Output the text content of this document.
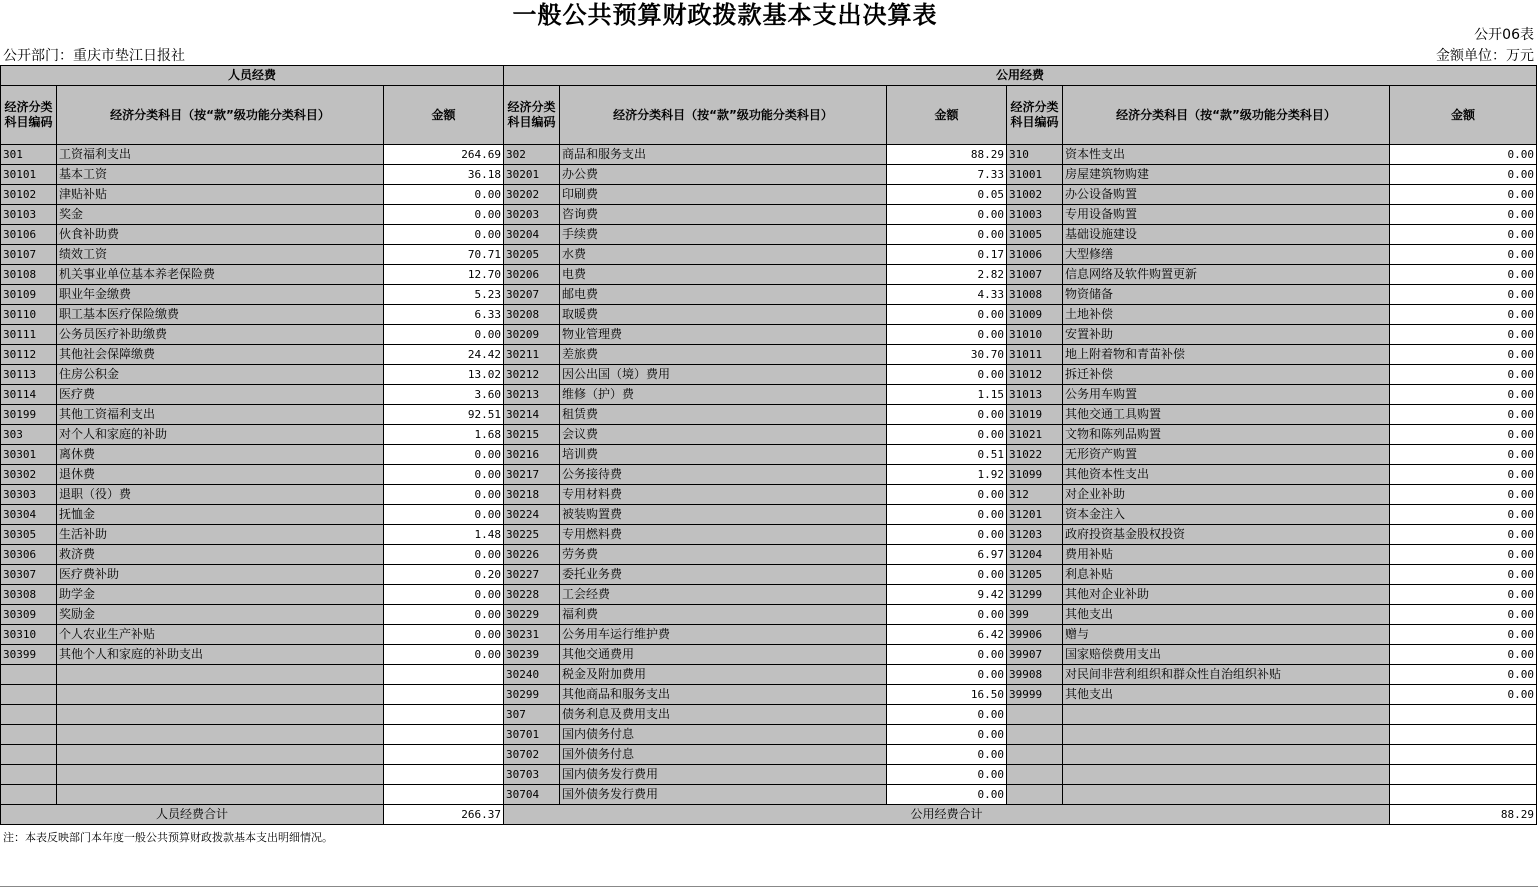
一般公共预算财政拨款基本支出决算表
公开06表
公开部门：重庆市垫江日报社	金额单位：万元
人员经费			公用经费					
经济分类科目编码	经济分类科目（按“款”级功能分类科目）	金额	经济分类科目编码	经济分类科目（按“款”级功能分类科目）	金额	经济分类科目编码	经济分类科目（按“款”级功能分类科目）	金额
301	工资福利支出	264.69	302	商品和服务支出	88.29	310	资本性支出	0.00
30101	基本工资	36.18	30201	办公费	7.33	31001	房屋建筑物购建	0.00
30102	津贴补贴	0.00	30202	印刷费	0.05	31002	办公设备购置	0.00
30103	奖金	0.00	30203	咨询费	0.00	31003	专用设备购置	0.00
30106	伙食补助费	0.00	30204	手续费	0.00	31005	基础设施建设	0.00
30107	绩效工资	70.71	30205	水费	0.17	31006	大型修缮	0.00
30108	机关事业单位基本养老保险费	12.70	30206	电费	2.82	31007	信息网络及软件购置更新	0.00
30109	职业年金缴费	5.23	30207	邮电费	4.33	31008	物资储备	0.00
30110	职工基本医疗保险缴费	6.33	30208	取暖费	0.00	31009	土地补偿	0.00
30111	公务员医疗补助缴费	0.00	30209	物业管理费	0.00	31010	安置补助	0.00
30112	其他社会保障缴费	24.42	30211	差旅费	30.70	31011	地上附着物和青苗补偿	0.00
30113	住房公积金	13.02	30212	因公出国（境）费用	0.00	31012	拆迁补偿	0.00
30114	医疗费	3.60	30213	维修（护）费	1.15	31013	公务用车购置	0.00
30199	其他工资福利支出	92.51	30214	租赁费	0.00	31019	其他交通工具购置	0.00
303	对个人和家庭的补助	1.68	30215	会议费	0.00	31021	文物和陈列品购置	0.00
30301	离休费	0.00	30216	培训费	0.51	31022	无形资产购置	0.00
30302	退休费	0.00	30217	公务接待费	1.92	31099	其他资本性支出	0.00
30303	退职（役）费	0.00	30218	专用材料费	0.00	312	对企业补助	0.00
30304	抚恤金	0.00	30224	被装购置费	0.00	31201	资本金注入	0.00
30305	生活补助	1.48	30225	专用燃料费	0.00	31203	政府投资基金股权投资	0.00
30306	救济费	0.00	30226	劳务费	6.97	31204	费用补贴	0.00
30307	医疗费补助	0.20	30227	委托业务费	0.00	31205	利息补贴	0.00
30308	助学金	0.00	30228	工会经费	9.42	31299	其他对企业补助	0.00
30309	奖励金	0.00	30229	福利费	0.00	399	其他支出	0.00
30310	个人农业生产补贴	0.00	30231	公务用车运行维护费	6.42	39906	赠与	0.00
30399	其他个人和家庭的补助支出	0.00	30239	其他交通费用	0.00	39907	国家赔偿费用支出	0.00
			30240	税金及附加费用	0.00	39908	对民间非营利组织和群众性自治组织补贴	0.00
			30299	其他商品和服务支出	16.50	39999	其他支出	0.00
			307	债务利息及费用支出	0.00			
			30701	国内债务付息	0.00			
			30702	国外债务付息	0.00			
			30703	国内债务发行费用	0.00			
			30704	国外债务发行费用	0.00			
人员经费合计		266.37	公用经费合计					88.29
注：本表反映部门本年度一般公共预算财政拨款基本支出明细情况。
